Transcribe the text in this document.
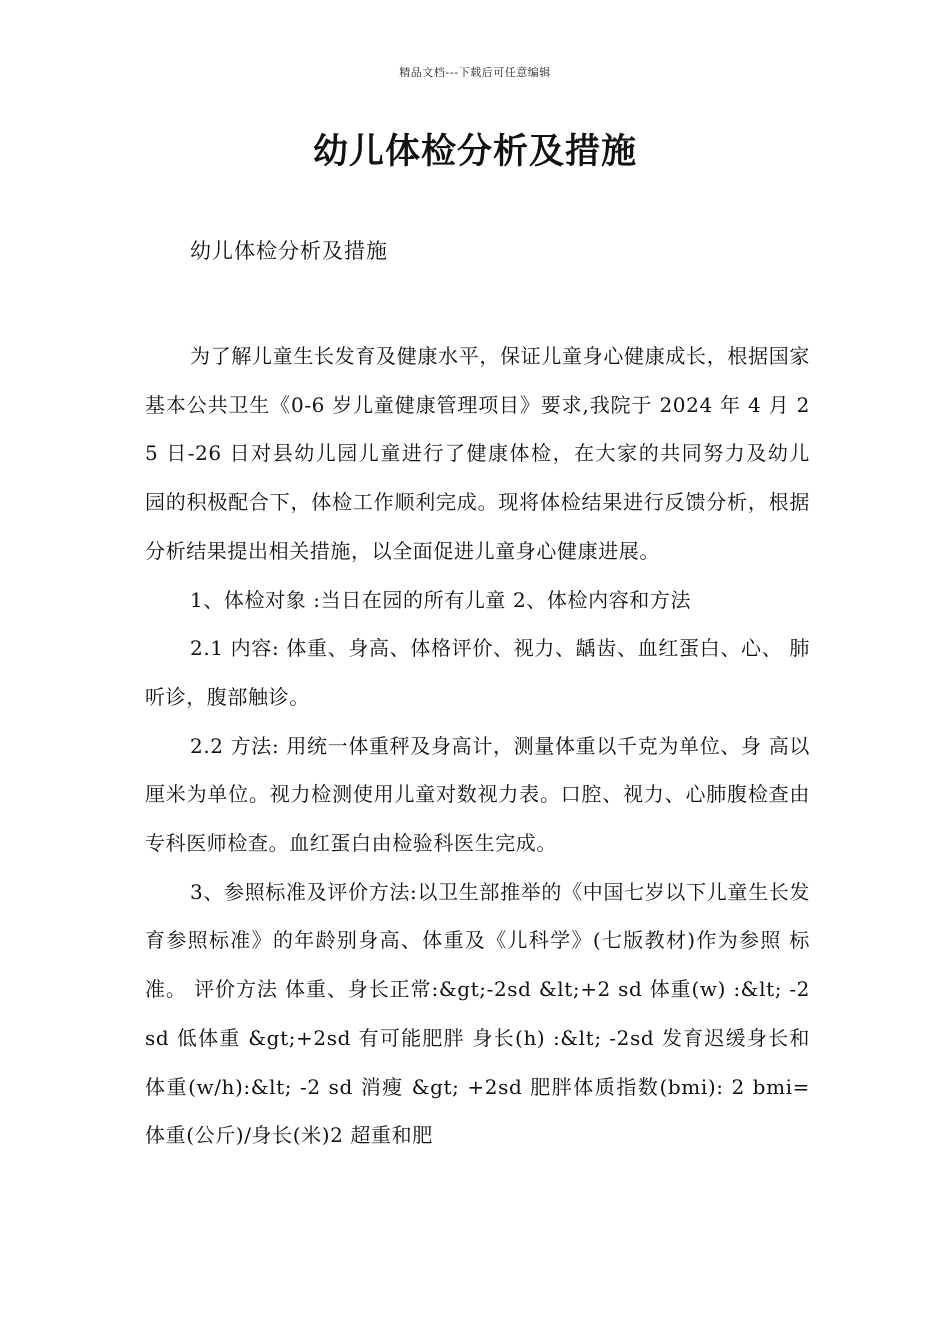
精品文档---下载后可任意编辑
幼儿体检分析及措施

幼儿体检分析及措施

为了解儿童生长发育及健康水平，保证儿童身心健康成长，根据国家基本公共卫生《0-6 岁儿童健康管理项目》要求,我院于 2024 年 4 月 25 日-26 日对县幼儿园儿童进行了健康体检，在大家的共同努力及幼儿 园的积极配合下，体检工作顺利完成。现将体检结果进行反馈分析，根据分析结果提出相关措施，以全面促进儿童身心健康进展。

1、体检对象 :当日在园的所有儿童 2、体检内容和方法

2.1 内容: 体重、身高、体格评价、视力、龋齿、血红蛋白、心、 肺听诊，腹部触诊。

2.2 方法: 用统一体重秤及身高计，测量体重以千克为单位、身 高以厘米为单位。视力检测使用儿童对数视力表。口腔、视力、心肺腹检查由专科医师检查。血红蛋白由检验科医生完成。

3、参照标准及评价方法:以卫生部推举的《中国七岁以下儿童生长发 育参照标准》的年龄别身高、体重及《儿科学》(七版教材)作为参照 标准。 评价方法 体重、身长正常:&gt;-2sd &lt;+2 sd 体重(w) :&lt; -2 sd 低体重 &gt;+2sd 有可能肥胖 身长(h) :&lt; -2sd 发育迟缓身长和体重(w/h):&lt; -2 sd 消瘦 &gt; +2sd 肥胖体质指数(bmi): 2 bmi=体重(公斤)/身长(米)2 超重和肥
